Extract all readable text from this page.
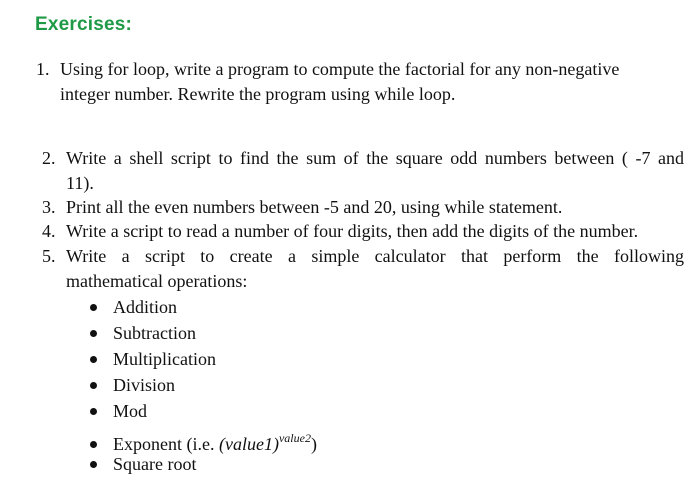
Exercises:
1. Using for loop, write a program to compute the factorial for any non-negative
integer number. Rewrite the program using while loop.
2. Write a shell script to find the sum of the square odd numbers between ( -7 and
11).
3. Print all the even numbers between -5 and 20, using while statement.
4. Write a script to read a number of four digits, then add the digits of the number.
5. Write a script to create a simple calculator that perform the following
mathematical operations:
Addition
Subtraction
Multiplication
Division
Mod
Exponent (i.e. (value1)$^{value2}$)
Square root
